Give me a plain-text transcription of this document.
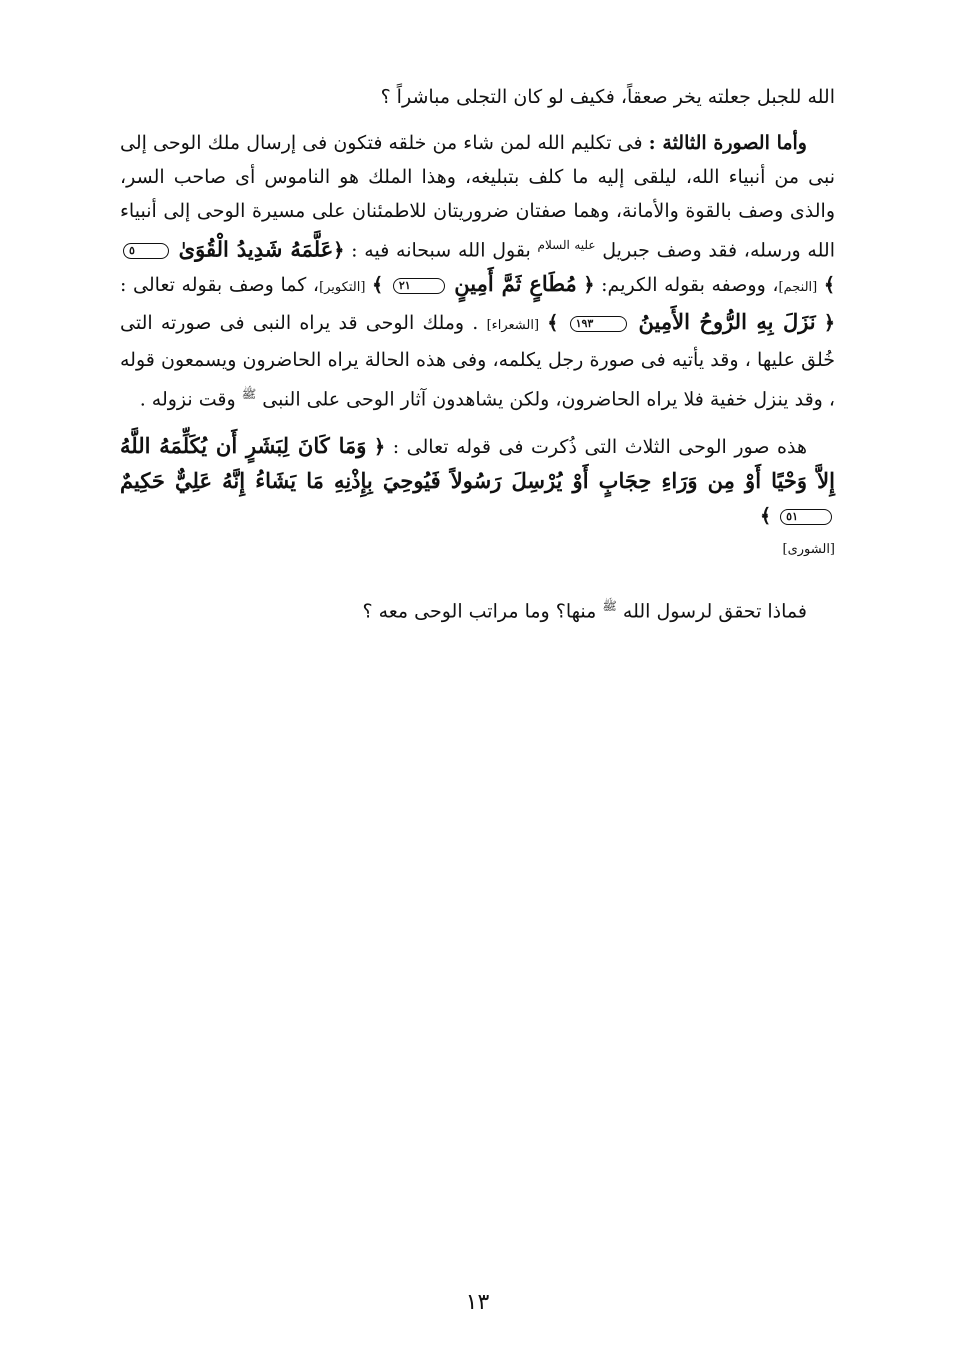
الله للجبل جعلته يخر صعقاً، فكيف لو كان التجلى مباشراً ؟

وأما الصورة الثالثة : فى تكليم الله لمن شاء من خلقه فتكون فى إرسال ملك الوحى إلى نبى من أنبياء الله، ليلقى إليه ما كلف بتبليغه، وهذا الملك هو الناموس أى صاحب السر، والذى وصف بالقوة والأمانة، وهما صفتان ضروريتان للاطمئنان على مسيرة الوحى إلى أنبياء الله ورسله، فقد وصف جبريل $^{عليه السلام}$ بقول الله سبحانه فيه : ﴿عَلَّمَهُ شَدِيدُ الْقُوَىٰ ٥ ﴾ [النجم]، ووصفه بقوله الكريم: ﴿ مُطَاعٍ ثَمَّ أَمِينٍ ٢١ ﴾ [التكوير]، كما وصف بقوله تعالى : ﴿ نَزَلَ بِهِ الرُّوحُ الأَمِينُ ١٩٣ ﴾ [الشعراء] . وملك الوحى قد يراه النبى فى صورته التى خُلق عليها ، وقد يأتيه فى صورة رجل يكلمه، وفى هذه الحالة يراه الحاضرون ويسمعون قوله ، وقد ينزل خفية فلا يراه الحاضرون، ولكن يشاهدون آثار الوحى على النبى $^ﷺ$ وقت نزوله .

هذه صور الوحى الثلاث التى ذُكرت فى قوله تعالى : ﴿ وَمَا كَانَ لِبَشَرٍ أَن يُكَلِّمَهُ اللَّهُ إِلاَّ وَحْيًا أَوْ مِن وَرَاءِ حِجَابٍ أَوْ يُرْسِلَ رَسُولاً فَيُوحِيَ بِإِذْنِهِ مَا يَشَاءُ إِنَّهُ عَلِيٌّ حَكِيمٌ ٥١ ﴾

[الشورى]

فماذا تحقق لرسول الله $^ﷺ$ منها؟ وما مراتب الوحى معه ؟

١٣
